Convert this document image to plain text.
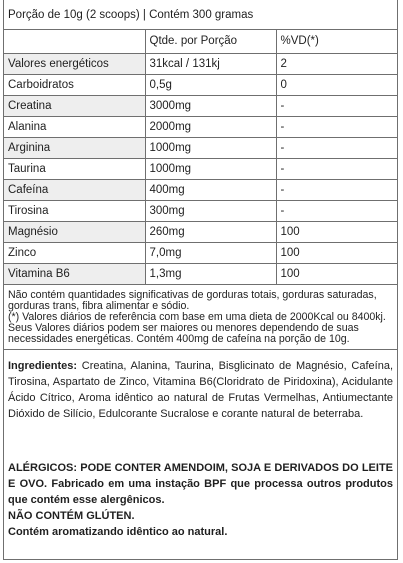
Porção de 10g (2 scoops) | Contém 300 gramas
	Qtde. por Porção	%VD(*)
Valores energéticos	31kcal / 131kj	2
Carboidratos	0,5g	0
Creatina	3000mg	-
Alanina	2000mg	-
Arginina	1000mg	-
Taurina	1000mg	-
Cafeína	400mg	-
Tirosina	300mg	-
Magnésio	260mg	100
Zinco	7,0mg	100
Vitamina B6	1,3mg	100

Não contém quantidades significativas de gorduras totais, gorduras saturadas, gorduras trans, fibra alimentar e sódio.

(*) Valores diários de referência com base em uma dieta de 2000Kcal ou 8400kj. Seus Valores diários podem ser maiores ou menores dependendo de suas necessidades energéticas. Contém 400mg de cafeína na porção de 10g.

Ingredientes: Creatina, Alanina, Taurina, Bisglicinato de Magnésio, Cafeína, Tirosina, Aspartato de Zinco, Vitamina B6(Cloridrato de Piridoxina), Acidulante Ácido Cítrico, Aroma idêntico ao natural de Frutas Vermelhas, Antiumectante Dióxido de Silício, Edulcorante Sucralose e corante natural de beterraba.

ALÉRGICOS: PODE CONTER AMENDOIM, SOJA E DERIVADOS DO LEITE E OVO. Fabricado em uma instação BPF que processa outros produtos que contém esse alergênicos.

NÃO CONTÉM GLÚTEN.

Contém aromatizando idêntico ao natural.
